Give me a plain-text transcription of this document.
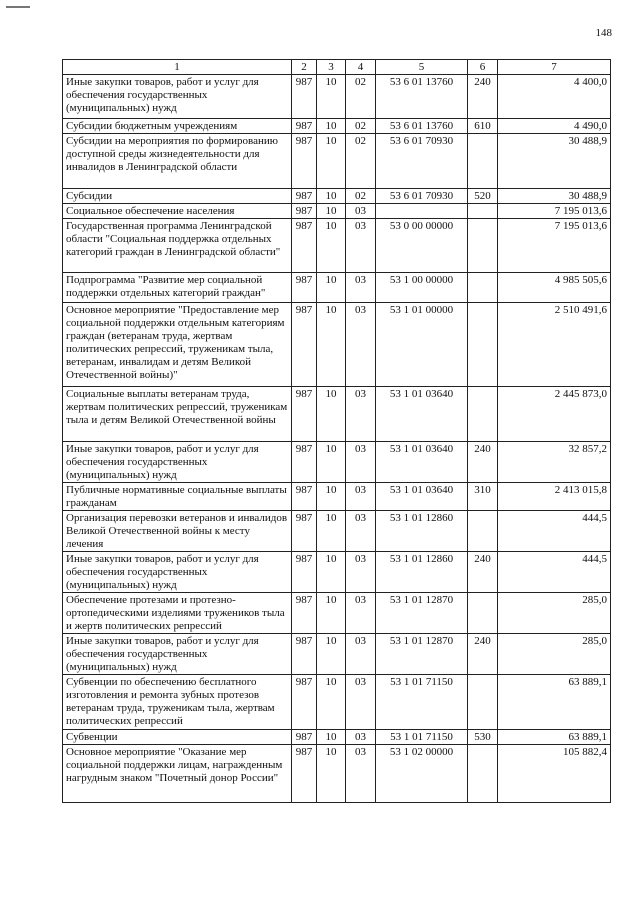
148
1	2	3	4	5	6	7
Иные закупки товаров, работ и услуг для обеспечения государственных (муниципальных) нужд	987	10	02	53 6 01 13760	240	4 400,0
Субсидии бюджетным учреждениям	987	10	02	53 6 01 13760	610	4 490,0
Субсидии на мероприятия по формированию доступной среды жизнедеятельности для инвалидов в Ленинградской области	987	10	02	53 6 01 70930		30 488,9
Субсидии	987	10	02	53 6 01 70930	520	30 488,9
Социальное обеспечение населения	987	10	03			7 195 013,6
Государственная программа Ленинградской области "Социальная поддержка отдельных категорий граждан в Ленинградской области"	987	10	03	53 0 00 00000		7 195 013,6
Подпрограмма "Развитие мер социальной поддержки отдельных категорий граждан"	987	10	03	53 1 00 00000		4 985 505,6
Основное мероприятие "Предоставление мер социальной поддержки отдельным категориям граждан (ветеранам труда, жертвам политических репрессий, труженикам тыла, ветеранам, инвалидам и детям Великой Отечественной войны)"	987	10	03	53 1 01 00000		2 510 491,6
Социальные выплаты ветеранам труда, жертвам политических репрессий, труженикам тыла и детям Великой Отечественной войны	987	10	03	53 1 01 03640		2 445 873,0
Иные закупки товаров, работ и услуг для обеспечения государственных (муниципальных) нужд	987	10	03	53 1 01 03640	240	32 857,2
Публичные нормативные социальные выплаты гражданам	987	10	03	53 1 01 03640	310	2 413 015,8
Организация перевозки ветеранов и инвалидов Великой Отечественной войны к месту лечения	987	10	03	53 1 01 12860		444,5
Иные закупки товаров, работ и услуг для обеспечения государственных (муниципальных) нужд	987	10	03	53 1 01 12860	240	444,5
Обеспечение протезами и протезно-ортопедическими изделиями тружеников тыла и жертв политических репрессий	987	10	03	53 1 01 12870		285,0
Иные закупки товаров, работ и услуг для обеспечения государственных (муниципальных) нужд	987	10	03	53 1 01 12870	240	285,0
Субвенции по обеспечению бесплатного изготовления и ремонта зубных протезов ветеранам труда, труженикам тыла, жертвам политических репрессий	987	10	03	53 1 01 71150		63 889,1
Субвенции	987	10	03	53 1 01 71150	530	63 889,1
Основное мероприятие "Оказание мер социальной поддержки лицам, награжденным нагрудным знаком "Почетный донор России"	987	10	03	53 1 02 00000		105 882,4
